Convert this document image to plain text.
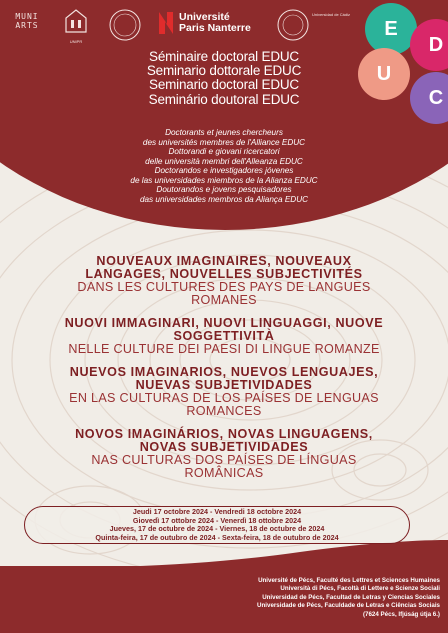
MUNI
ARTS
UNIPR
Université
Paris Nanterre
Universidad de Cádiz
E
D
U
C
Séminaire doctoral EDUC
Seminario dottorale EDUC
Seminario doctoral EDUC
Seminário doutoral EDUC
Doctorants et jeunes chercheurs
des universités membres de l'Alliance EDUC
Dottorandi e giovani ricercatori
delle università membri dell'Alleanza EDUC
Doctorandos e investigadores jóvenes
de las universidades miembros de la Alianza EDUC
Doutorandos e jovens pesquisadores
das universidades membros da Aliança EDUC
NOUVEAUX IMAGINAIRES, NOUVEAUX
LANGAGES, NOUVELLES SUBJECTIVITÉS
DANS LES CULTURES DES PAYS DE LANGUES
ROMANES
NUOVI IMMAGINARI, NUOVI LINGUAGGI, NUOVE
SOGGETTIVITÀ
NELLE CULTURE DEI PAESI DI LINGUE ROMANZE
NUEVOS IMAGINARIOS, NUEVOS LENGUAJES,
NUEVAS SUBJETIVIDADES
EN LAS CULTURAS DE LOS PAÍSES DE LENGUAS
ROMANCES
NOVOS IMAGINÁRIOS, NOVAS LINGUAGENS,
NOVAS SUBJETIVIDADES
NAS CULTURAS DOS PAÍSES DE LÍNGUAS
ROMÂNICAS
Jeudi 17 octobre 2024 - Vendredi 18 octobre 2024
Giovedì 17 ottobre 2024 - Venerdì 18 ottobre 2024
Jueves, 17 de octubre de 2024 - Viernes, 18 de octubre de 2024
Quinta-feira, 17 de outubro de 2024 - Sexta-feira, 18 de outubro de 2024
Université de Pécs, Faculté des Lettres et Sciences Humaines
Università di Pécs, Facoltà di Lettere e Scienze Sociali
Universidad de Pécs, Facultad de Letras y Ciencias Sociales
Universidade de Pécs, Faculdade de Letras e Ciências Sociais
(7624 Pécs, Ifjúság útja 6.)
